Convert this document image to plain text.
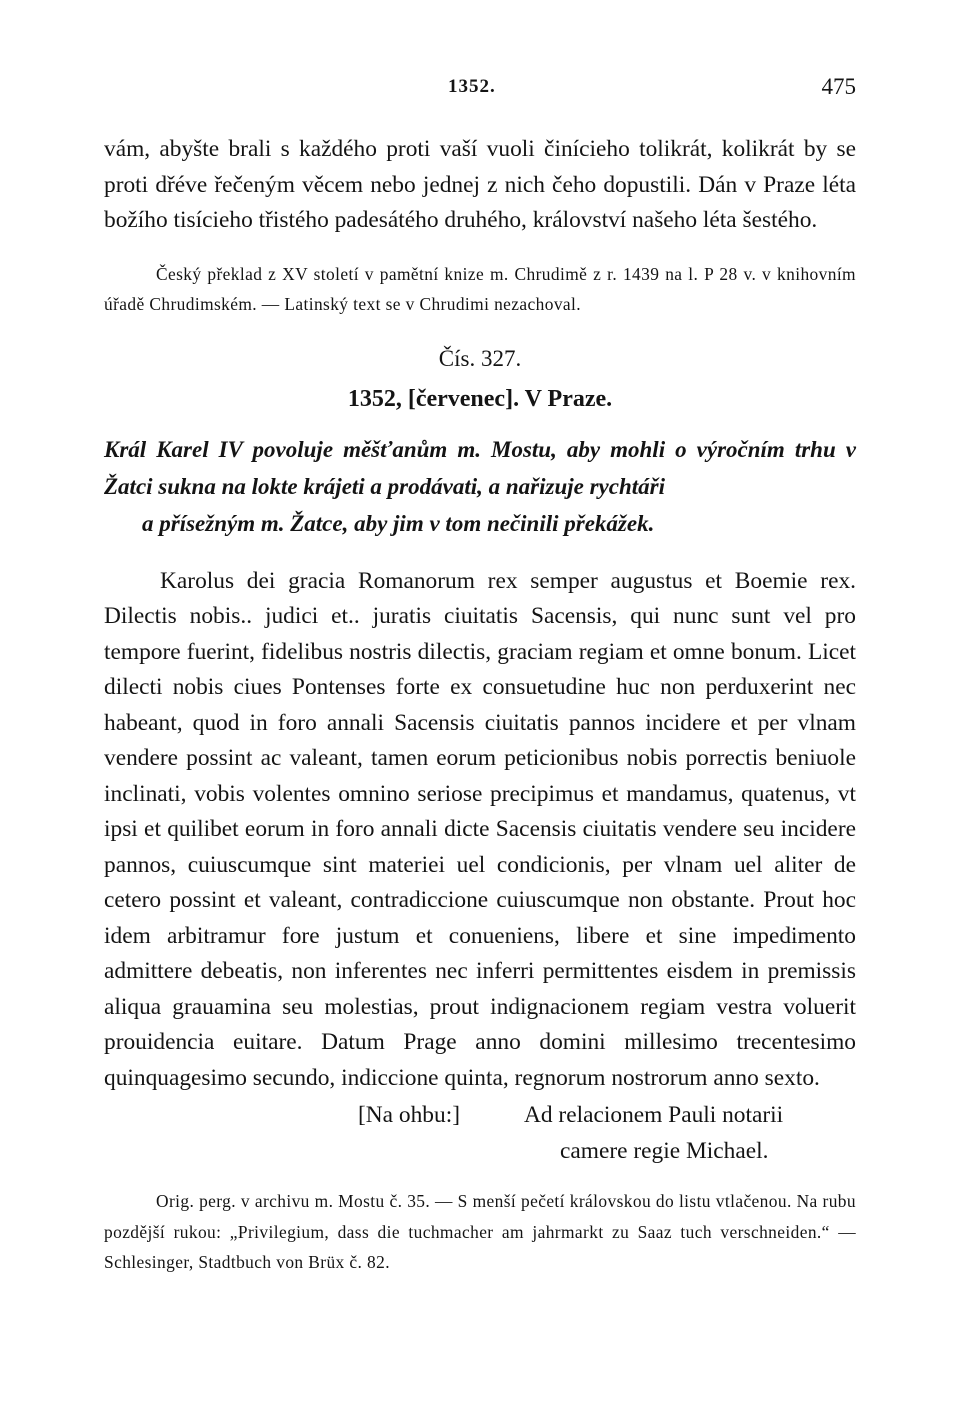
1352.	475

vám, abyšte brali s každého proti vaší vuoli činícieho tolikrát, kolikrát by se proti dřéve řečeným věcem nebo jednej z nich čeho dopustili. Dán v Praze léta božího tisícieho třistého padesátého druhého, království našeho léta šestého.

Český překlad z XV století v pamětní knize m. Chrudimě z r. 1439 na l. P 28 v. v knihovním úřadě Chrudimském. — Latinský text se v Chrudimi nezachoval.

Čís. 327.
1352, [červenec]. V Praze.
Král Karel IV povoluje měšťanům m. Mostu, aby mohli o výročním trhu v Žatci sukna na lokte krájeti a prodávati, a nařizuje rychtáři
a přísežným m. Žatce, aby jim v tom nečinili překážek.

Karolus dei gracia Romanorum rex semper augustus et Boemie rex. Dilectis nobis.. judici et.. juratis ciuitatis Sacensis, qui nunc sunt vel pro tempore fuerint, fidelibus nostris dilectis, graciam regiam et omne bonum. Licet dilecti nobis ciues Pontenses forte ex consuetudine huc non perduxerint nec habeant, quod in foro annali Sacensis ciuitatis pannos incidere et per vlnam vendere possint ac valeant, tamen eorum peticionibus nobis porrectis beniuole inclinati, vobis volentes omnino seriose precipimus et mandamus, quatenus, vt ipsi et quilibet eorum in foro annali dicte Sacensis ciuitatis vendere seu incidere pannos, cuiuscumque sint materiei uel condicionis, per vlnam uel aliter de cetero possint et valeant, contradiccione cuiuscumque non obstante. Prout hoc idem arbitramur fore justum et conueniens, libere et sine impedimento admittere debeatis, non inferentes nec inferri permittentes eisdem in premissis aliqua grauamina seu molestias, prout indignacionem regiam vestra voluerit prouidencia euitare. Datum Prage anno domini millesimo trecentesimo quinquagesimo secundo, indiccione quinta, regnorum nostrorum anno sexto.

[Na ohbu:]	Ad relacionem Pauli notarii
camere regie Michael.

Orig. perg. v archivu m. Mostu č. 35. — S menší pečetí královskou do listu vtlačenou. Na rubu pozdější rukou: „Privilegium, dass die tuchmacher am jahrmarkt zu Saaz tuch verschneiden.“ — Schlesinger, Stadtbuch von Brüx č. 82.
